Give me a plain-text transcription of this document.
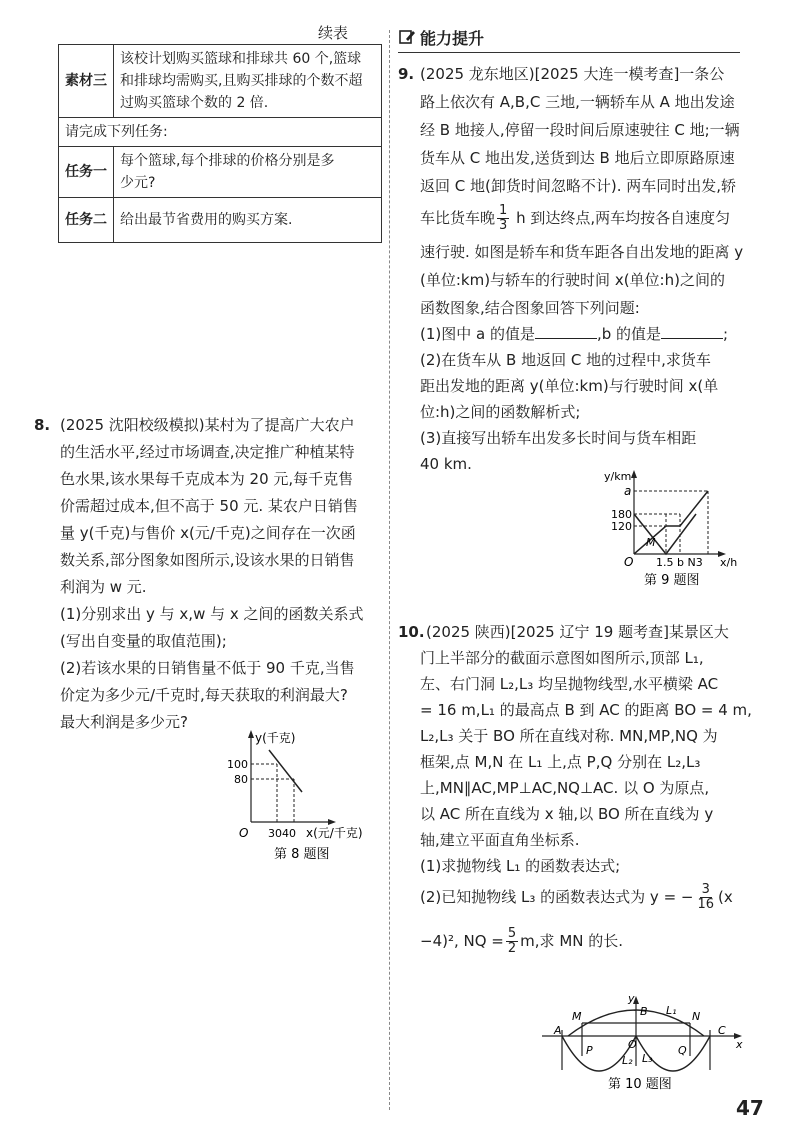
续表
素材三	该校计划购买篮球和排球共 60 个,篮球
和排球均需购买,且购买排球的个数不超
过购买篮球个数的 2 倍.

请完成下列任务:	
任务一	每个篮球,每个排球的价格分别是多
少元?

任务二	给出最节省费用的购买方案.
8. (2025 沈阳校级模拟)某村为了提高广大农户
的生活水平,经过市场调查,决定推广种植某特
色水果,该水果每千克成本为 20 元,每千克售
价需超过成本,但不高于 50 元. 某农户日销售
量 y(千克)与售价 x(元/千克)之间存在一次函
数关系,部分图象如图所示,设该水果的日销售
利润为 w 元.
(1)分别求出 y 与 x,w 与 x 之间的函数关系式
(写出自变量的取值范围);
(2)若该水果的日销售量不低于 90 千克,当售
价定为多少元/千克时,每天获取的利润最大?
最大利润是多少元?
y(千克)
100
80
O 3040 x(元/千克)
第 8 题图
能力提升
9. (2025 龙东地区)[2025 大连一模考查]一条公
路上依次有 A,B,C 三地,一辆轿车从 A 地出发途
经 B 地接人,停留一段时间后原速驶往 C 地;一辆
货车从 C 地出发,送货到达 B 地后立即原路原速
返回 C 地(卸货时间忽略不计). 两车同时出发,轿
车比货车晚 $\frac{1}{3}$ h 到达终点,两车均按各自速度匀
速行驶. 如图是轿车和货车距各自出发地的距离 y
(单位:km)与轿车的行驶时间 x(单位:h)之间的
函数图象,结合图象回答下列问题:
(1)图中 a 的值是	,b 的值是	;
(2)在货车从 B 地返回 C 地的过程中,求货车
距出发地的距离 y(单位:km)与行驶时间 x(单
位:h)之间的函数解析式;
(3)直接写出轿车出发多长时间与货车相距
40 km.
y/km
a
180
120
M
O 1.5 b N3 x/h
第 9 题图
10. (2025 陕西)[2025 辽宁 19 题考查]某景区大
门上半部分的截面示意图如图所示,顶部 L₁,
左、右门洞 L₂,L₃ 均呈抛物线型,水平横梁 AC
= 16 m,L₁ 的最高点 B 到 AC 的距离 BO = 4 m,
L₂,L₃ 关于 BO 所在直线对称. MN,MP,NQ 为
框架,点 M,N 在 L₁ 上,点 P,Q 分别在 L₂,L₃
上,MN∥AC,MP⊥AC,NQ⊥AC. 以 O 为原点,
以 AC 所在直线为 x 轴,以 BO 所在直线为 y
轴,建立平面直角坐标系.
(1)求抛物线 L₁ 的函数表达式;
(2)已知抛物线 L₃ 的函数表达式为 y = − $\frac{3}{16} (x$
−4)², NQ = $\frac{5}{2} m$,求 MN 的长.
y
B L₁
M	N
A	C
x
O
P	Q
L₂ L₃
第 10 题图
47
